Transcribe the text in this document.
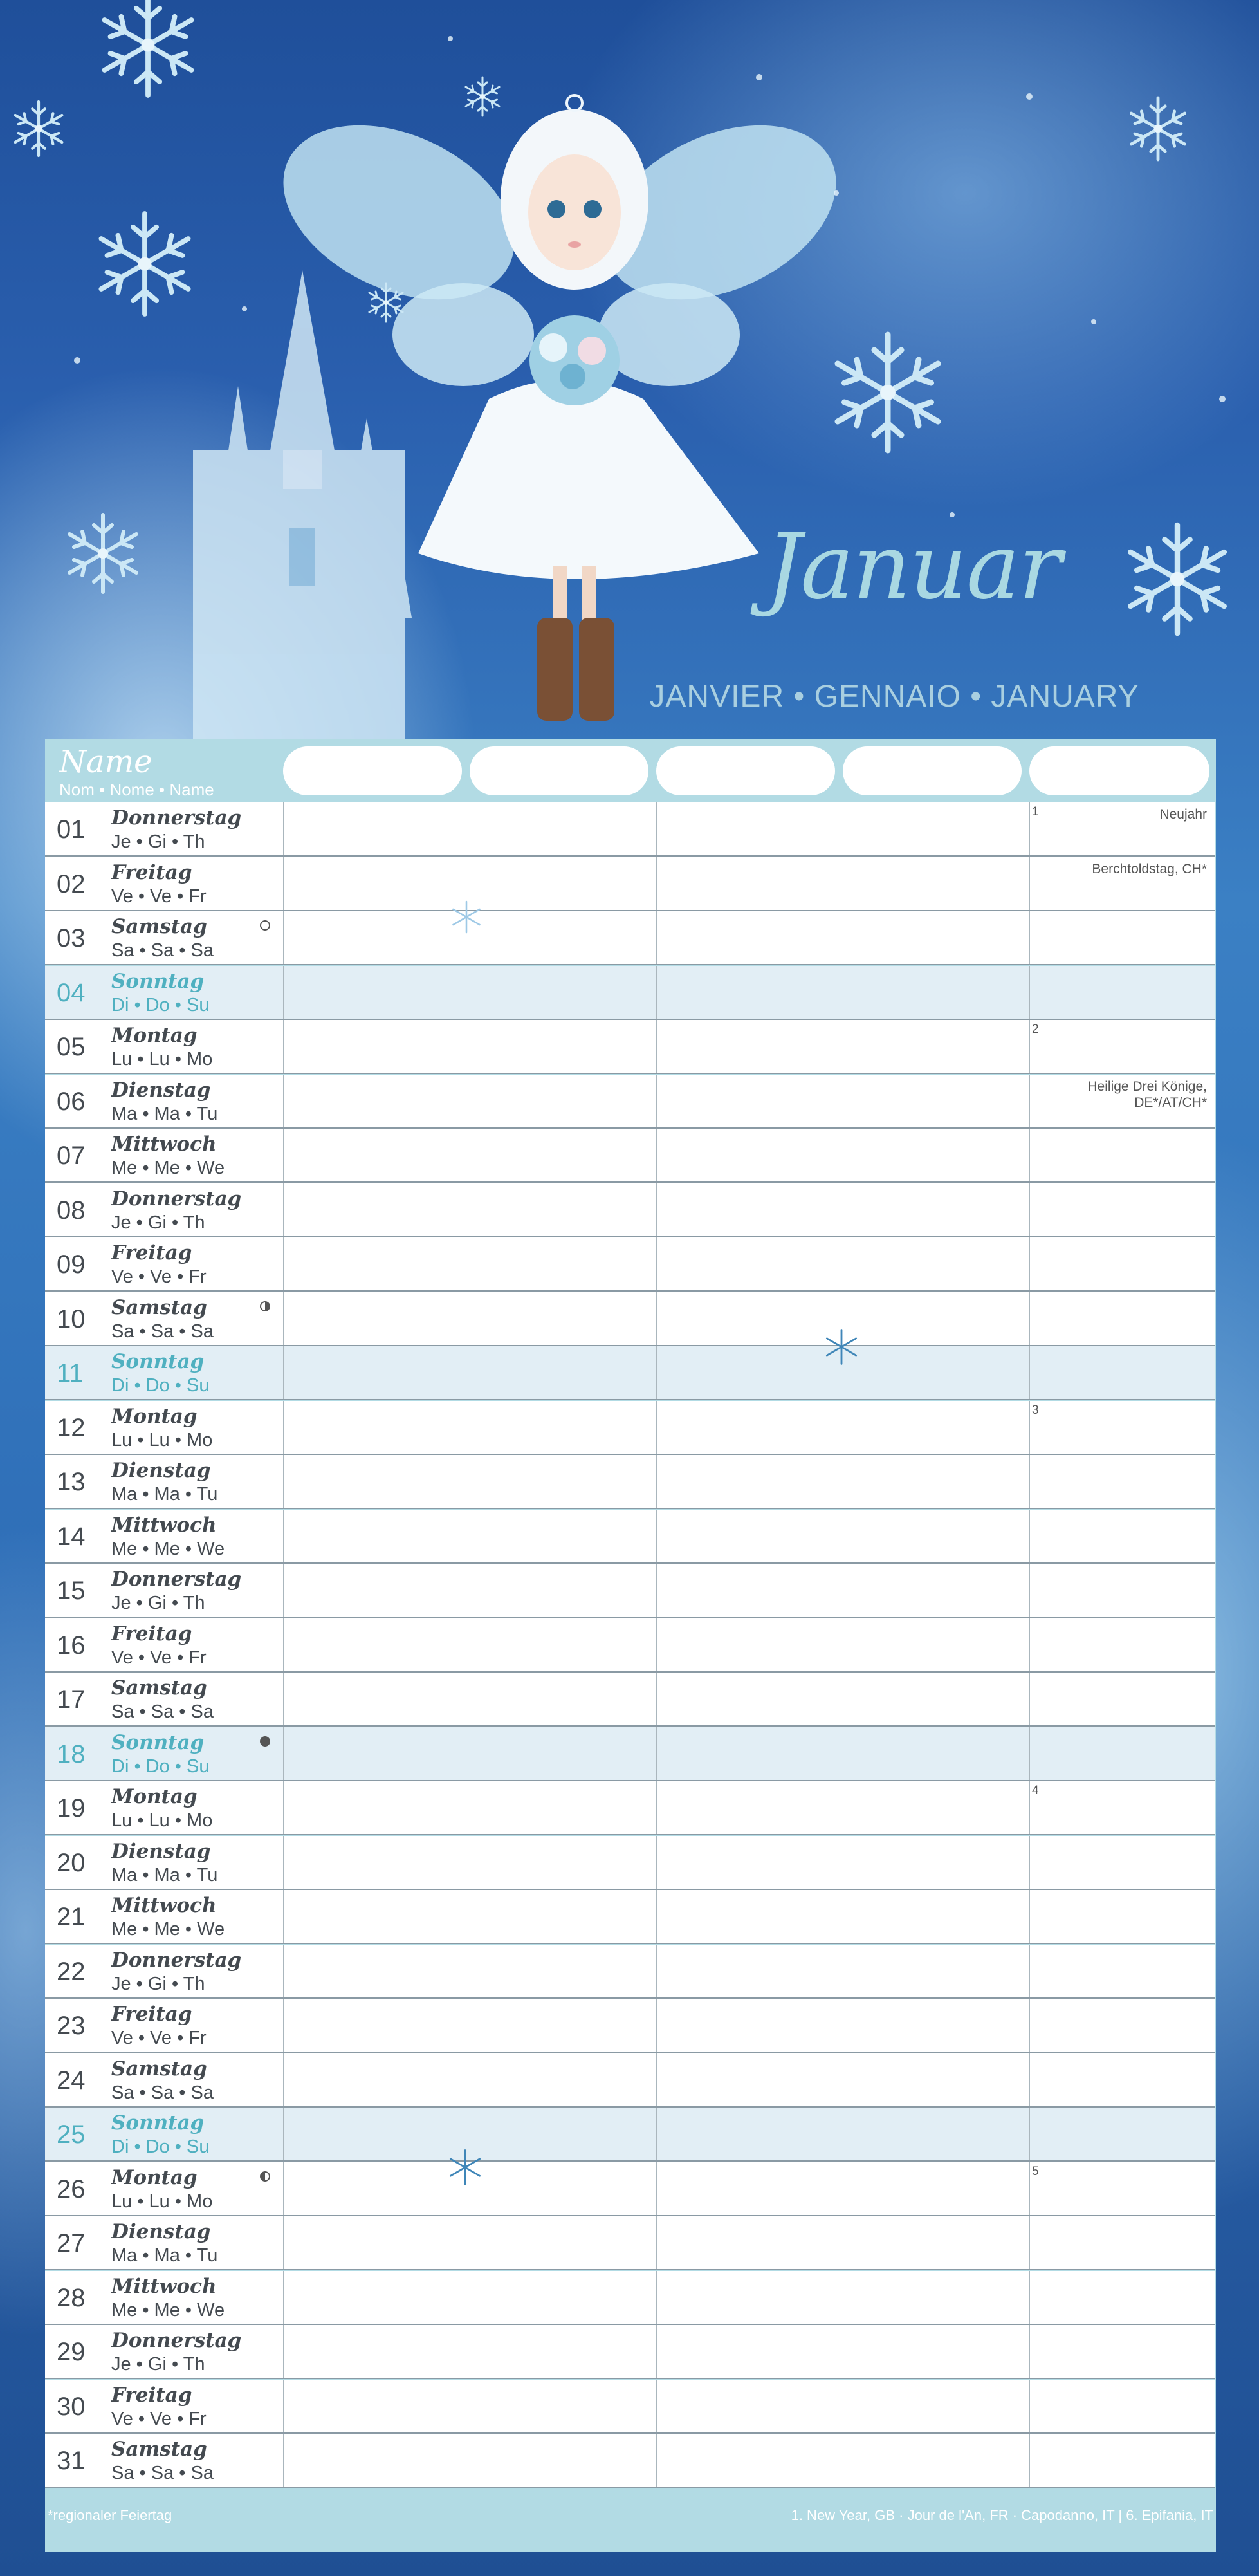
Januar
JANVIER • GENNAIO • JANUARY
Name
Nom • Nome • Name
01 Donnerstag
Je • Gi • Th
1	Neujahr
02 Freitag
Ve • Ve • Fr
Berchtoldstag, CH*
03 Samstag
Sa • Sa • Sa
04 Sonntag
Di • Do • Su
05 Montag
Lu • Lu • Mo
2
06 Dienstag
Ma • Ma • Tu
Heilige Drei Könige, DE*/AT/CH*
07 Mittwoch
Me • Me • We
08 Donnerstag
Je • Gi • Th
09 Freitag
Ve • Ve • Fr
10 Samstag
Sa • Sa • Sa
11 Sonntag
Di • Do • Su
12 Montag
Lu • Lu • Mo
3
13 Dienstag
Ma • Ma • Tu
14 Mittwoch
Me • Me • We
15 Donnerstag
Je • Gi • Th
16 Freitag
Ve • Ve • Fr
17 Samstag
Sa • Sa • Sa
18 Sonntag
Di • Do • Su
19 Montag
Lu • Lu • Mo
4
20 Dienstag
Ma • Ma • Tu
21 Mittwoch
Me • Me • We
22 Donnerstag
Je • Gi • Th
23 Freitag
Ve • Ve • Fr
24 Samstag
Sa • Sa • Sa
25 Sonntag
Di • Do • Su
26 Montag
Lu • Lu • Mo
5
27 Dienstag
Ma • Ma • Tu
28 Mittwoch
Me • Me • We
29 Donnerstag
Je • Gi • Th
30 Freitag
Ve • Ve • Fr
31 Samstag
Sa • Sa • Sa
*regionaler Feiertag	1. New Year, GB · Jour de l'An, FR · Capodanno, IT | 6. Epifania, IT
